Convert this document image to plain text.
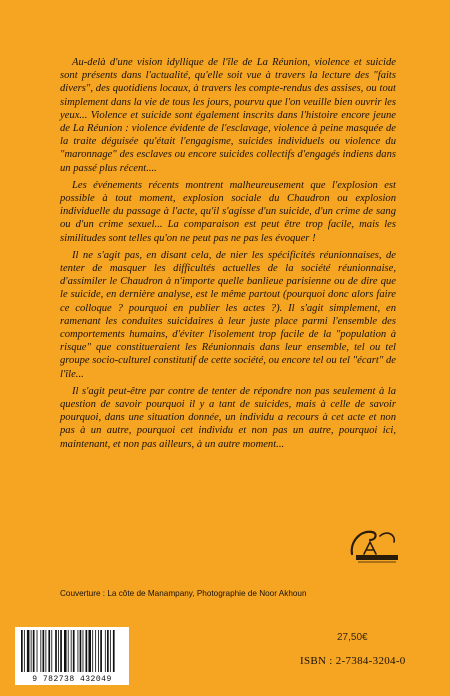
Au-delà d'une vision idyllique de l'île de La Réunion, violence et suicide sont présents dans l'actualité, qu'elle soit vue à travers la lecture des "faits divers", des quotidiens locaux, à travers les compte-rendus des assises, ou tout simplement dans la vie de tous les jours, pourvu que l'on veuille bien ouvrir les yeux... Violence et suicide sont également inscrits dans l'histoire encore jeune de La Réunion : violence évidente de l'esclavage, violence à peine masquée de la traite déguisée qu'était l'engagisme, suicides individuels ou violence du "maronnage" des esclaves ou encore suicides collectifs d'engagés indiens dans un passé plus récent....

Les événements récents montrent malheureusement que l'explosion est possible à tout moment, explosion sociale du Chaudron ou explosion individuelle du passage à l'acte, qu'il s'agisse d'un suicide, d'un crime de sang ou d'un crime sexuel... La comparaison est peut être trop facile, mais les similitudes sont telles qu'on ne peut pas ne pas les évoquer !

Il ne s'agit pas, en disant cela, de nier les spécificités réunionnaises, de tenter de masquer les difficultés actuelles de la société réunionnaise, d'assimiler le Chaudron à n'importe quelle banlieue parisienne ou de dire que le suicide, en dernière analyse, est le même partout (pourquoi donc alors faire ce colloque ? pourquoi en publier les actes ?). Il s'agit simplement, en ramenant les conduites suicidaires à leur juste place parmi l'ensemble des comportements humains, d'éviter l'isolement trop facile de la "population à risque" que constitueraient les Réunionnais dans leur ensemble, tel ou tel groupe socio-culturel constitutif de cette société, ou encore tel ou tel "écart" de l'île...

Il s'agit peut-être par contre de tenter de répondre non pas seulement à la question de savoir pourquoi il y a tant de suicides, mais à celle de savoir pourquoi, dans une situation donnée, un individu a recours à cet acte et non pas à un autre, pourquoi cet individu et non pas un autre, pourquoi ici, maintenant, et non pas ailleurs, à un autre moment...

Couverture : La côte de Manampany, Photographie de Noor Akhoun
9 782738 432049
27,50€
ISBN : 2-7384-3204-0
